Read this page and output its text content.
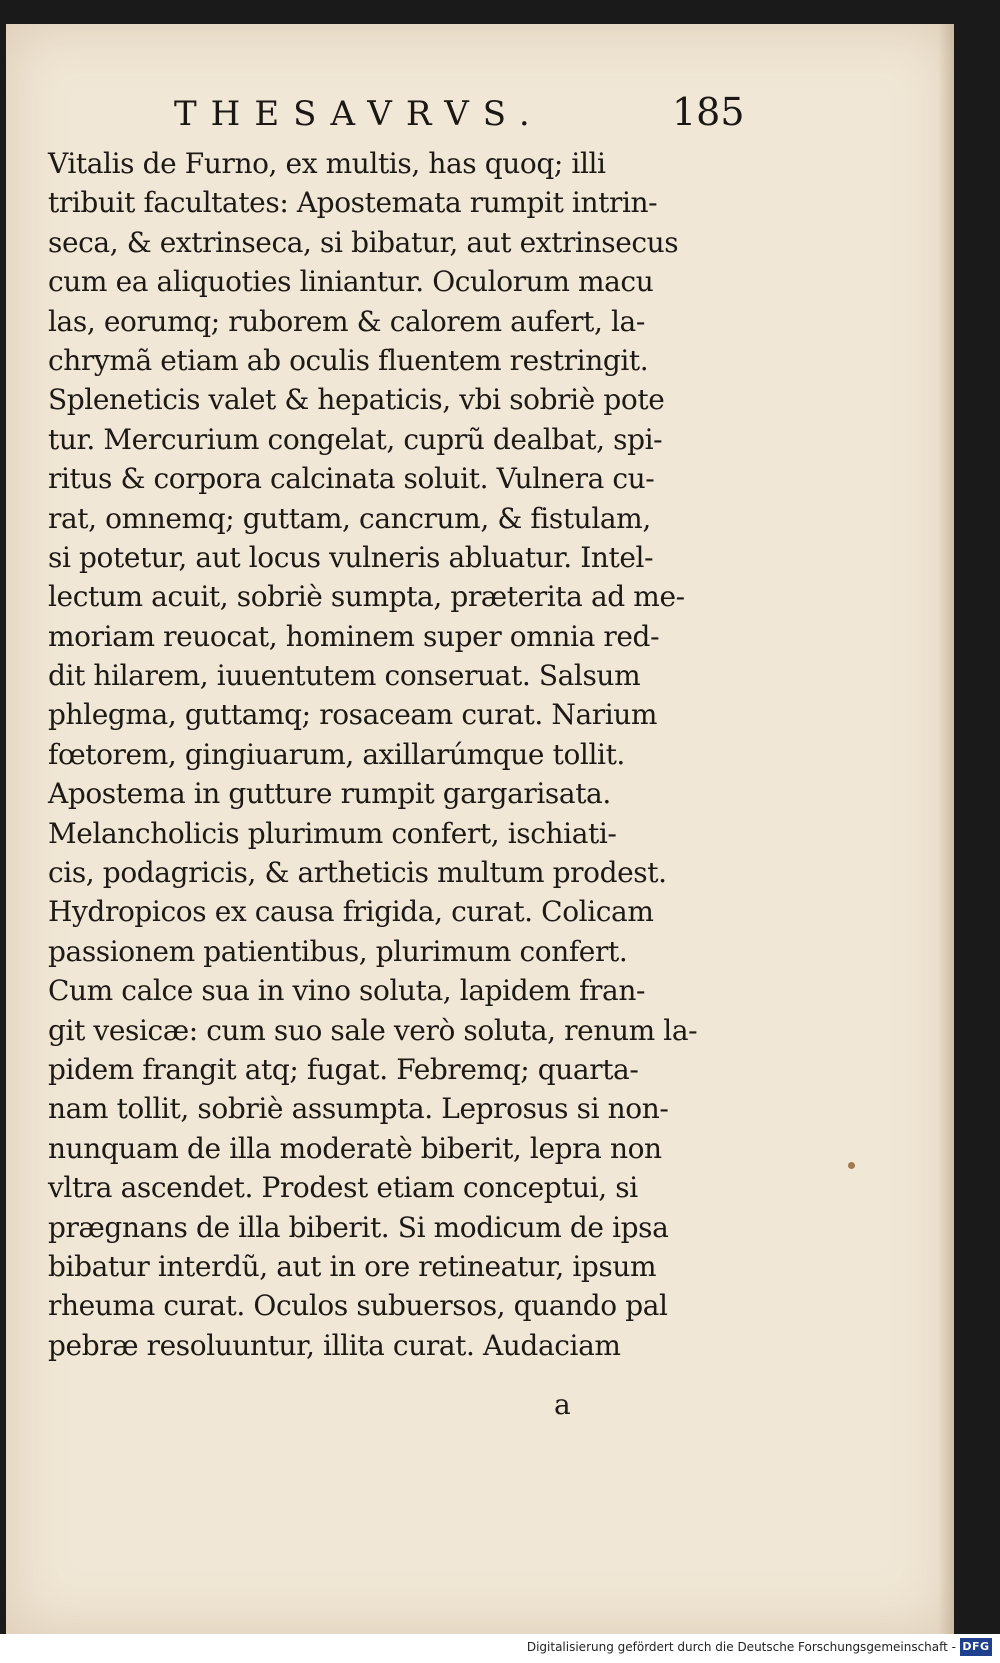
THESAVRVS.	185
Vitalis de Furno, ex multis, has quoq; illi
tribuit facultates: Apostemata rumpit intrin-
seca, & extrinseca, si bibatur, aut extrinsecus
cum ea aliquoties liniantur. Oculorum macu
las, eorumq; ruborem & calorem aufert, la-
chrymã etiam ab oculis fluentem restringit.
Spleneticis valet & hepaticis, vbi sobriè pote
tur. Mercurium congelat, cuprũ dealbat, spi-
ritus & corpora calcinata soluit. Vulnera cu-
rat, omnemq; guttam, cancrum, & fistulam,
si potetur, aut locus vulneris abluatur. Intel-
lectum acuit, sobriè sumpta, præterita ad me-
moriam reuocat, hominem super omnia red-
dit hilarem, iuuentutem conseruat. Salsum
phlegma, guttamq; rosaceam curat. Narium
fœtorem, gingiuarum, axillarúmque tollit.
Apostema in gutture rumpit gargarisata.
Melancholicis plurimum confert, ischiati-
cis, podagricis, & artheticis multum prodest.
Hydropicos ex causa frigida, curat. Colicam
passionem patientibus, plurimum confert.
Cum calce sua in vino soluta, lapidem fran-
git vesicæ: cum suo sale verò soluta, renum la-
pidem frangit atq; fugat. Febremq; quarta-
nam tollit, sobriè assumpta. Leprosus si non-
nunquam de illa moderatè biberit, lepra non
vltra ascendet. Prodest etiam conceptui, si
prægnans de illa biberit. Si modicum de ipsa
bibatur interdũ, aut in ore retineatur, ipsum
rheuma curat. Oculos subuersos, quando pal
pebræ resoluuntur, illita curat. Audaciam
a
Digitalisierung gefördert durch die Deutsche Forschungsgemeinschaft - DFG
